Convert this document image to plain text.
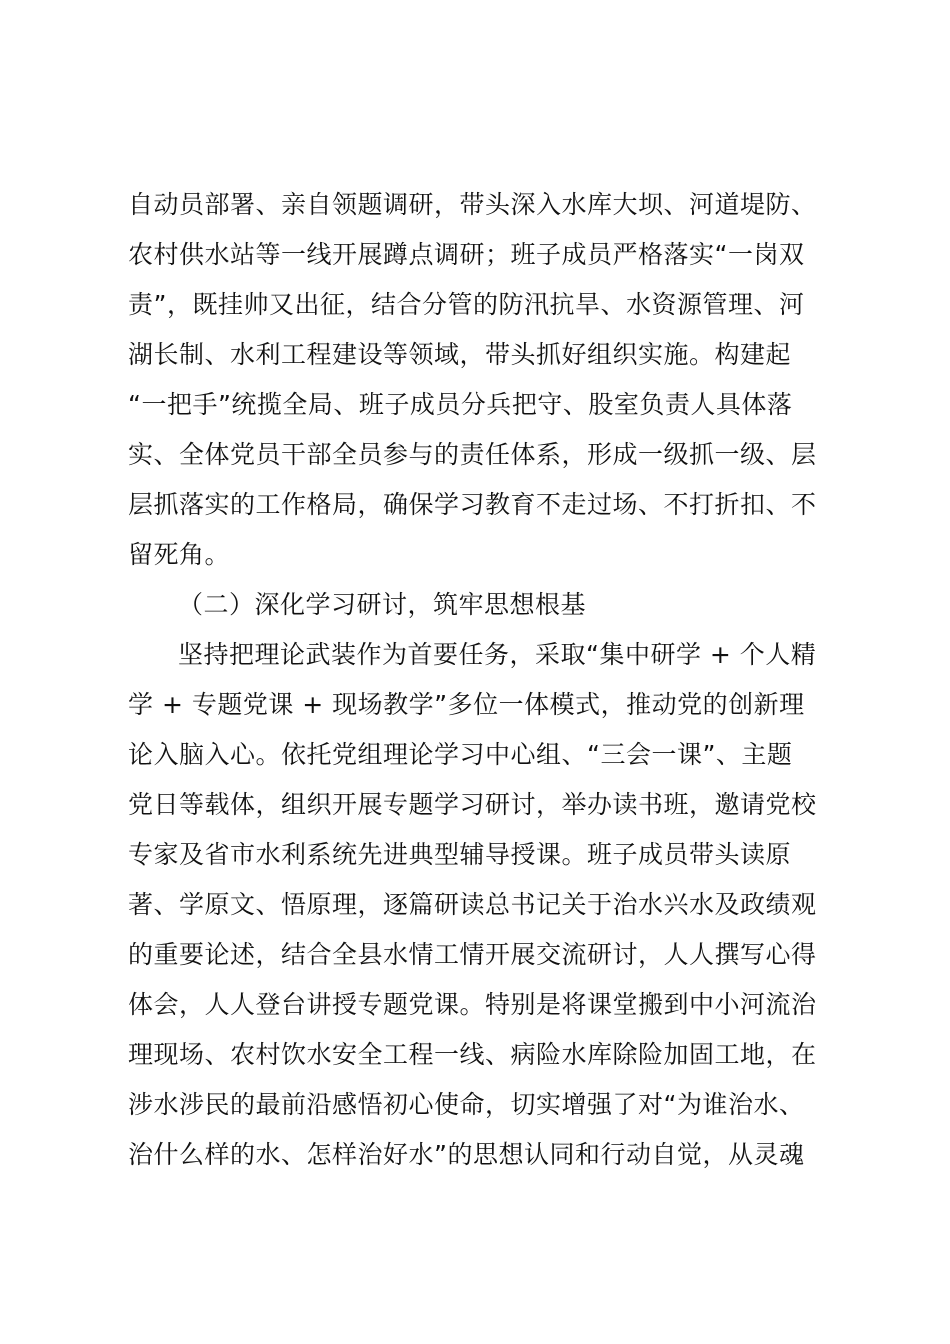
自动员部署、亲自领题调研，带头深入水库大坝、河道堤防、
农村供水站等一线开展蹲点调研；班子成员严格落实“一岗双
责”，既挂帅又出征，结合分管的防汛抗旱、水资源管理、河
湖长制、水利工程建设等领域，带头抓好组织实施。构建起
“一把手”统揽全局、班子成员分兵把守、股室负责人具体落
实、全体党员干部全员参与的责任体系，形成一级抓一级、层
层抓落实的工作格局，确保学习教育不走过场、不打折扣、不
留死角。
（二）深化学习研讨，筑牢思想根基
坚持把理论武装作为首要任务，采取“集中研学 + 个人精
学 + 专题党课 + 现场教学”多位一体模式，推动党的创新理
论入脑入心。依托党组理论学习中心组、“三会一课”、主题
党日等载体，组织开展专题学习研讨，举办读书班，邀请党校
专家及省市水利系统先进典型辅导授课。班子成员带头读原
著、学原文、悟原理，逐篇研读总书记关于治水兴水及政绩观
的重要论述，结合全县水情工情开展交流研讨，人人撰写心得
体会，人人登台讲授专题党课。特别是将课堂搬到中小河流治
理现场、农村饮水安全工程一线、病险水库除险加固工地，在
涉水涉民的最前沿感悟初心使命，切实增强了对“为谁治水、
治什么样的水、怎样治好水”的思想认同和行动自觉，从灵魂
